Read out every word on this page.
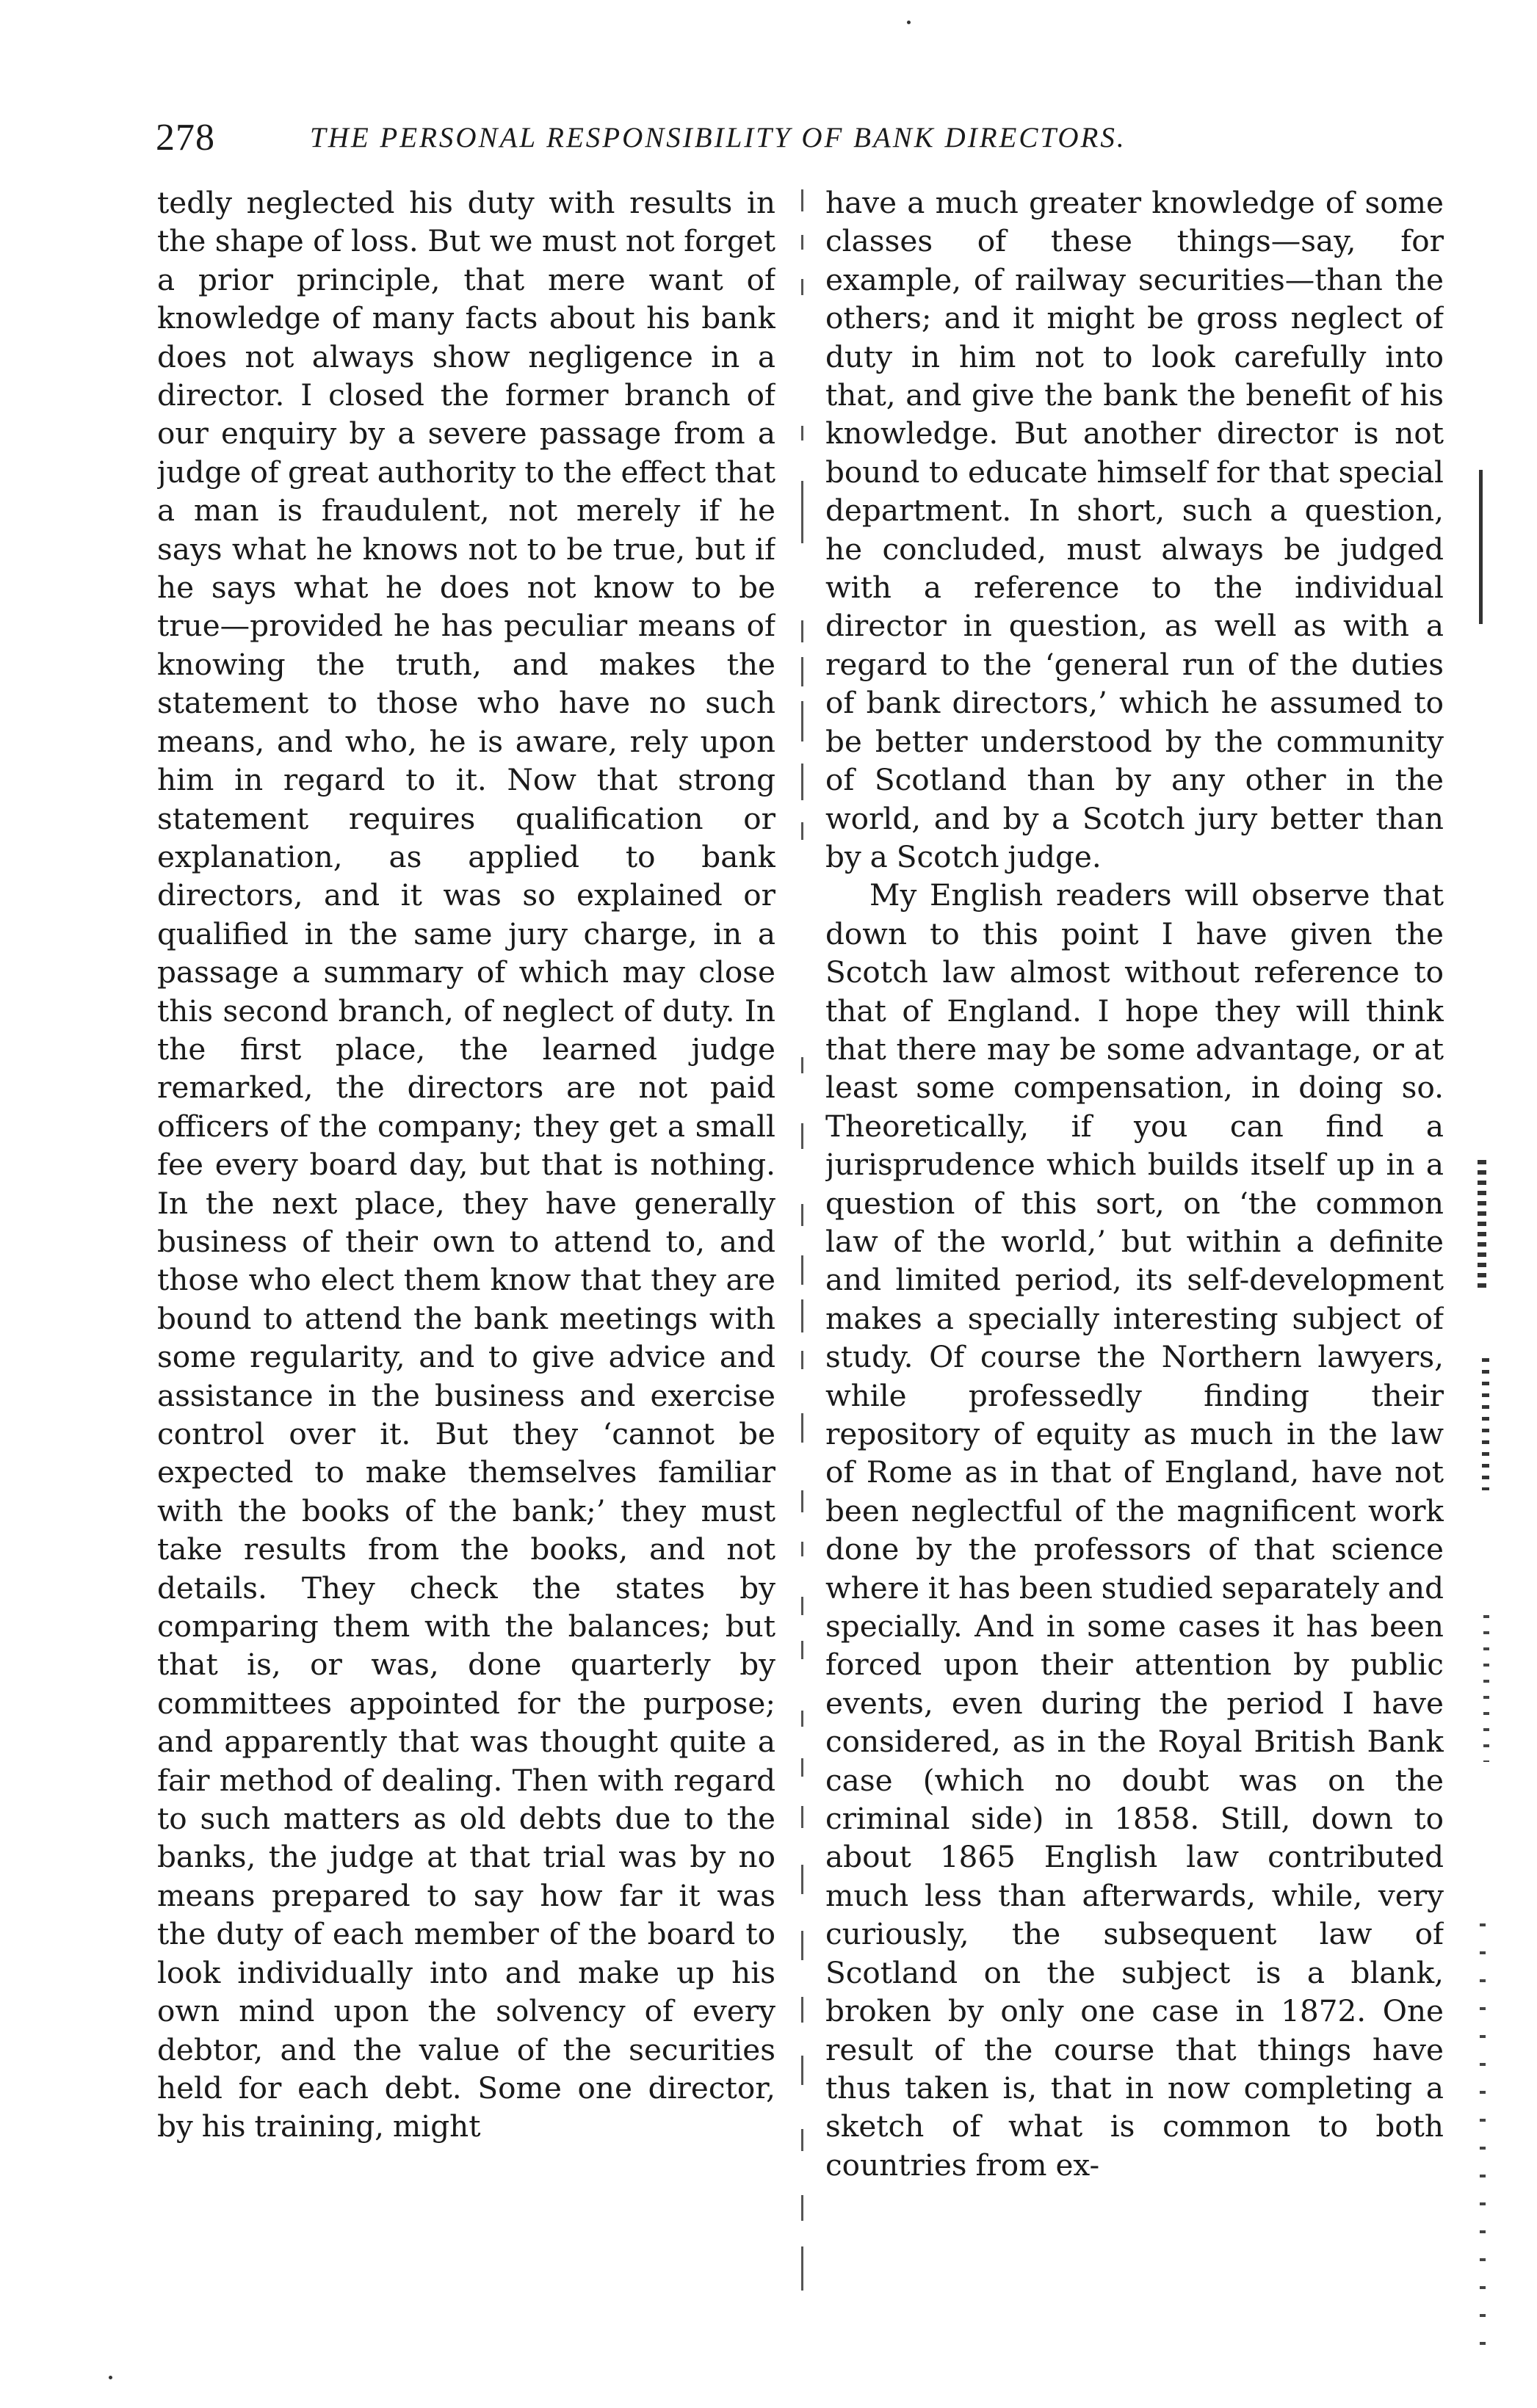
278	THE PERSONAL RESPONSIBILITY OF BANK DIRECTORS.

tedly neglected his duty with results in the shape of loss. But we must not forget a prior principle, that mere want of knowledge of many facts about his bank does not always show negligence in a director. I closed the former branch of our enquiry by a severe passage from a judge of great authority to the effect that a man is fraudulent, not merely if he says what he knows not to be true, but if he says what he does not know to be true—provided he has peculiar means of knowing the truth, and makes the statement to those who have no such means, and who, he is aware, rely upon him in regard to it. Now that strong statement requires qualification or explanation, as applied to bank directors, and it was so explained or qualified in the same jury charge, in a passage a summary of which may close this second branch, of neglect of duty. In the first place, the learned judge remarked, the directors are not paid officers of the company; they get a small fee every board day, but that is nothing. In the next place, they have generally business of their own to attend to, and those who elect them know that they are bound to attend the bank meetings with some regularity, and to give advice and assistance in the business and exercise control over it. But they ‘cannot be expected to make themselves familiar with the books of the bank;’ they must take results from the books, and not details. They check the states by comparing them with the balances; but that is, or was, done quarterly by committees appointed for the purpose; and apparently that was thought quite a fair method of dealing. Then with regard to such matters as old debts due to the banks, the judge at that trial was by no means prepared to say how far it was the duty of each member of the board to look individually into and make up his own mind upon the solvency of every debtor, and the value of the securities held for each debt. Some one director, by his training, might

have a much greater knowledge of some classes of these things—say, for example, of railway securities—than the others; and it might be gross neglect of duty in him not to look carefully into that, and give the bank the benefit of his knowledge. But another director is not bound to educate himself for that special department. In short, such a question, he concluded, must always be judged with a reference to the individual director in question, as well as with a regard to the ‘general run of the duties of bank directors,’ which he assumed to be better understood by the community of Scotland than by any other in the world, and by a Scotch jury better than by a Scotch judge.

My English readers will observe that down to this point I have given the Scotch law almost without reference to that of England. I hope they will think that there may be some advantage, or at least some compensation, in doing so. Theoretically, if you can find a jurisprudence which builds itself up in a question of this sort, on ‘the common law of the world,’ but within a definite and limited period, its self-development makes a specially interesting subject of study. Of course the Northern lawyers, while professedly finding their repository of equity as much in the law of Rome as in that of England, have not been neglectful of the magnificent work done by the professors of that science where it has been studied separately and specially. And in some cases it has been forced upon their attention by public events, even during the period I have considered, as in the Royal British Bank case (which no doubt was on the criminal side) in 1858. Still, down to about 1865 English law contributed much less than afterwards, while, very curiously, the subsequent law of Scotland on the subject is a blank, broken by only one case in 1872. One result of the course that things have thus taken is, that in now completing a sketch of what is common to both countries from ex-
